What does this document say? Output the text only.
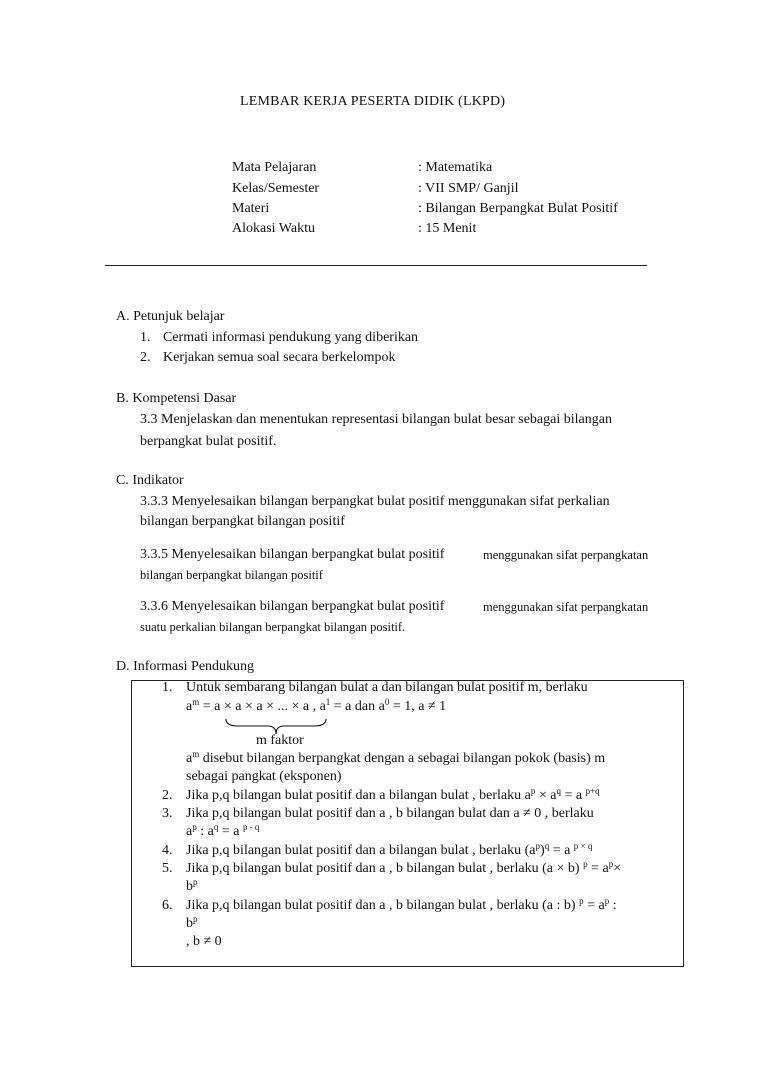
LEMBAR KERJA PESERTA DIDIK (LKPD)
Mata Pelajaran	: Matematika
Kelas/Semester	: VII SMP/ Ganjil
Materi	: Bilangan Berpangkat Bulat Positif
Alokasi Waktu	: 15 Menit
A. Petunjuk belajar
1. Cermati informasi pendukung yang diberikan
2. Kerjakan semua soal secara berkelompok
B. Kompetensi Dasar
3.3 Menjelaskan dan menentukan representasi bilangan bulat besar sebagai bilangan
berpangkat bulat positif.
C. Indikator
3.3.3 Menyelesaikan bilangan berpangkat bulat positif menggunakan sifat perkalian
bilangan berpangkat bilangan positif
3.3.5 Menyelesaikan bilangan berpangkat bulat positif	menggunakan sifat perpangkatan
bilangan berpangkat bilangan positif
3.3.6 Menyelesaikan bilangan berpangkat bulat positif	menggunakan sifat perpangkatan
suatu perkalian bilangan berpangkat bilangan positif.
D. Informasi Pendukung
1. Untuk sembarang bilangan bulat a dan bilangan bulat positif m, berlaku
$a^m = a \times a \times a$ × ... × a , $a^1 = a$ dan $a^0 = 1$, a ≠ 1
m faktor
$a^m$ disebut bilangan berpangkat dengan a sebagai bilangan pokok (basis) m
sebagai pangkat (eksponen)
2. Jika p,q bilangan bulat positif dan a bilangan bulat , berlaku $a^p \times a^q = a$ $^{p+q}$
3. Jika p,q bilangan bulat positif dan a , b bilangan bulat dan a ≠ 0 , berlaku
$a^p$ : $a^q = a$ $^{p - q}$
4. Jika p,q bilangan bulat positif dan a bilangan bulat , berlaku $(a^p)^q = a$ $^{p \times q}$
5. Jika p,q bilangan bulat positif dan a , b bilangan bulat , berlaku (a × b) $^p = a^p\times$
$b^p$
6. Jika p,q bilangan bulat positif dan a , b bilangan bulat , berlaku (a : b) $^p = a^p$ :
$b^p$
, b ≠ 0
